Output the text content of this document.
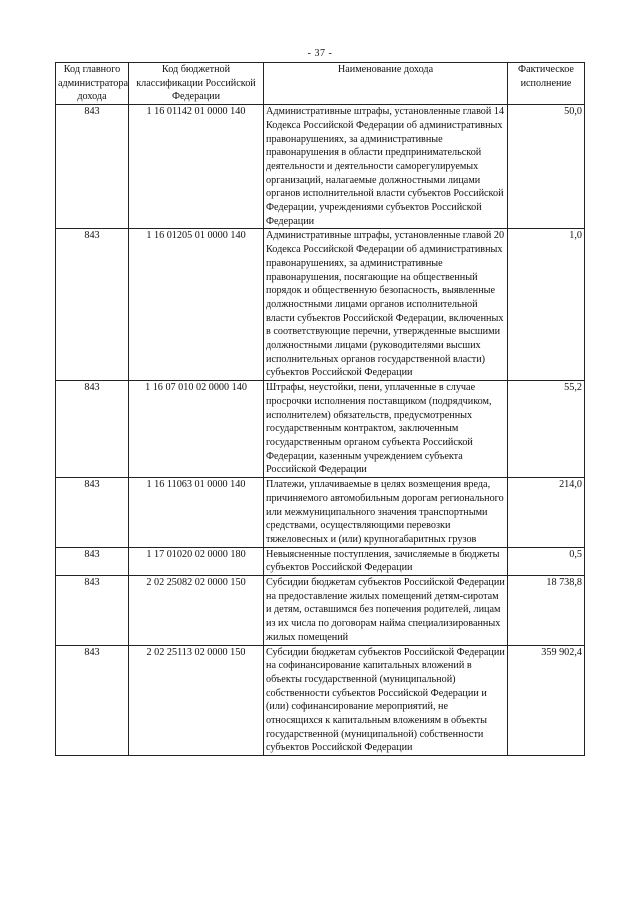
- 37 -
Код главного администратора дохода	Код бюджетной классификации Российской Федерации	Наименование дохода	Фактическое исполнение
843	1 16 01142 01 0000 140	Административные штрафы, установленные главой 14 Кодекса Российской Федерации об административных правонарушениях, за административные правонарушения в области предпринимательской деятельности и деятельности саморегулируемых организаций, налагаемые должностными лицами органов исполнительной власти субъектов Российской Федерации, учреждениями субъектов Российской Федерации	50,0
843	1 16 01205 01 0000 140	Административные штрафы, установленные главой 20 Кодекса Российской Федерации об административных правонарушениях, за административные правонарушения, посягающие на общественный порядок и общественную безопасность, выявленные должностными лицами органов исполнительной власти субъектов Российской Федерации, включенных в соответствующие перечни, утвержденные высшими должностными лицами (руководителями высших исполнительных органов государственной власти) субъектов Российской Федерации	1,0
843	1 16 07 010 02 0000 140	Штрафы, неустойки, пени, уплаченные в случае просрочки исполнения поставщиком (подрядчиком, исполнителем) обязательств, предусмотренных государственным контрактом, заключенным государственным органом субъекта Российской Федерации, казенным учреждением субъекта Российской Федерации	55,2
843	1 16 11063 01 0000 140	Платежи, уплачиваемые в целях возмещения вреда, причиняемого автомобильным дорогам регионального или межмуниципального значения транспортными средствами, осуществляющими перевозки тяжеловесных и (или) крупногабаритных грузов	214,0
843	1 17 01020 02 0000 180	Невыясненные поступления, зачисляемые в бюджеты субъектов Российской Федерации	0,5
843	2 02 25082 02 0000 150	Субсидии бюджетам субъектов Российской Федерации на предоставление жилых помещений детям-сиротам и детям, оставшимся без попечения родителей, лицам из их числа по договорам найма специализированных жилых помещений	18 738,8
843	2 02 25113 02 0000 150	Субсидии бюджетам субъектов Российской Федерации на софинансирование капитальных вложений в объекты государственной (муниципальной) собственности субъектов Российской Федерации и (или) софинансирование мероприятий, не относящихся к капитальным вложениям в объекты государственной (муниципальной) собственности субъектов Российской Федерации	359 902,4
